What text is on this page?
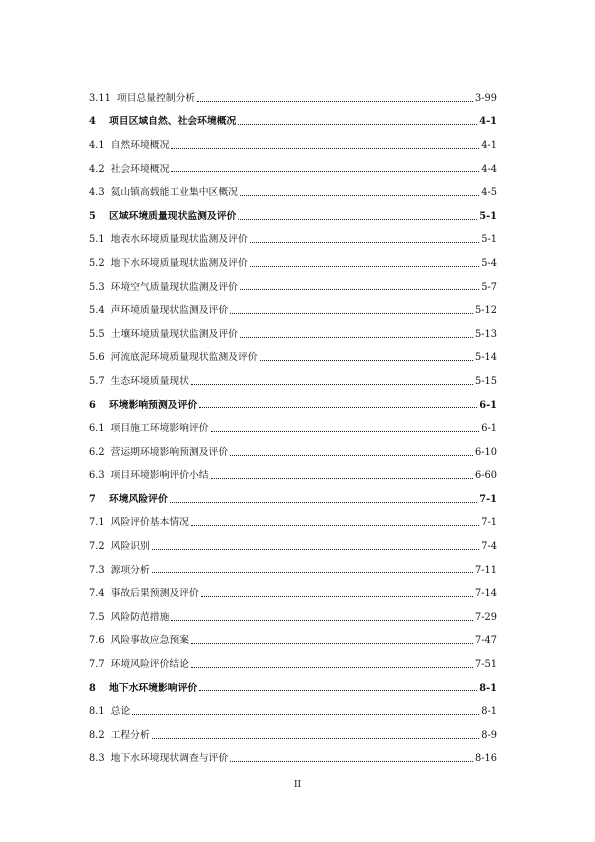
3.11 项目总量控制分析	3-99
4	项目区域自然、社会环境概况	4-1
4.1 自然环境概况	4-1
4.2 社会环境概况	4-4
4.3 氦山镇高载能工业集中区概况	4-5
5	区域环境质量现状监测及评价	5-1
5.1 地表水环境质量现状监测及评价	5-1
5.2 地下水环境质量现状监测及评价	5-4
5.3 环境空气质量现状监测及评价	5-7
5.4 声环境质量现状监测及评价	5-12
5.5 土壤环境质量现状监测及评价	5-13
5.6 河流底泥环境质量现状监测及评价	5-14
5.7 生态环境质量现状	5-15
6	环境影响预测及评价	6-1
6.1 项目施工环境影响评价	6-1
6.2 营运期环境影响预测及评价	6-10
6.3 项目环境影响评价小结	6-60
7	环境风险评价	7-1
7.1 风险评价基本情况	7-1
7.2 风险识别	7-4
7.3 源项分析	7-11
7.4 事故后果预测及评价	7-14
7.5 风险防范措施	7-29
7.6 风险事故应急预案	7-47
7.7 环境风险评价结论	7-51
8	地下水环境影响评价	8-1
8.1 总论	8-1
8.2 工程分析	8-9
8.3 地下水环境现状调查与评价	8-16
II
